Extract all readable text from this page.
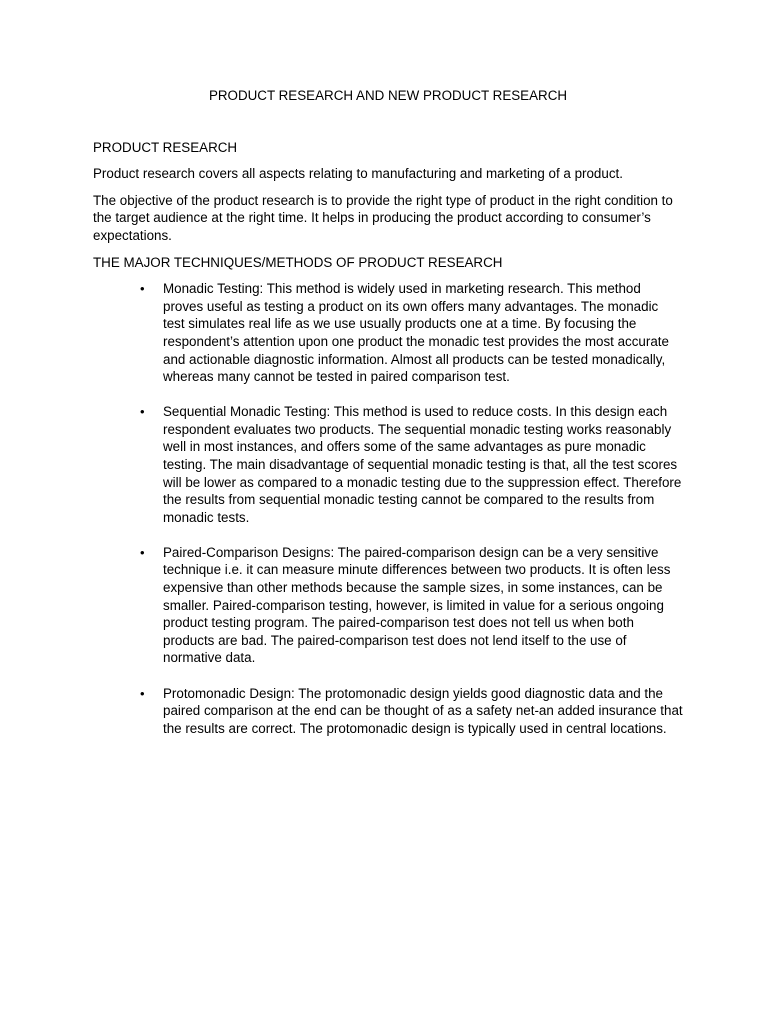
PRODUCT RESEARCH AND NEW PRODUCT RESEARCH
PRODUCT RESEARCH

Product research covers all aspects relating to manufacturing and marketing of a product.

The objective of the product research is to provide the right type of product in the right condition to the target audience at the right time. It helps in producing the product according to consumer’s expectations.

THE MAJOR TECHNIQUES/METHODS OF PRODUCT RESEARCH
• Monadic Testing: This method is widely used in marketing research. This method proves useful as testing a product on its own offers many advantages. The monadic test simulates real life as we use usually products one at a time. By focusing the respondent’s attention upon one product the monadic test provides the most accurate and actionable diagnostic information. Almost all products can be tested monadically, whereas many cannot be tested in paired comparison test.
• Sequential Monadic Testing: This method is used to reduce costs. In this design each respondent evaluates two products. The sequential monadic testing works reasonably well in most instances, and offers some of the same advantages as pure monadic testing. The main disadvantage of sequential monadic testing is that, all the test scores will be lower as compared to a monadic testing due to the suppression effect. Therefore the results from sequential monadic testing cannot be compared to the results from monadic tests.
• Paired-Comparison Designs: The paired-comparison design can be a very sensitive technique i.e. it can measure minute differences between two products. It is often less expensive than other methods because the sample sizes, in some instances, can be smaller. Paired-comparison testing, however, is limited in value for a serious ongoing product testing program. The paired-comparison test does not tell us when both products are bad. The paired-comparison test does not lend itself to the use of normative data.
• Protomonadic Design: The protomonadic design yields good diagnostic data and the paired comparison at the end can be thought of as a safety net-an added insurance that the results are correct. The protomonadic design is typically used in central locations.
